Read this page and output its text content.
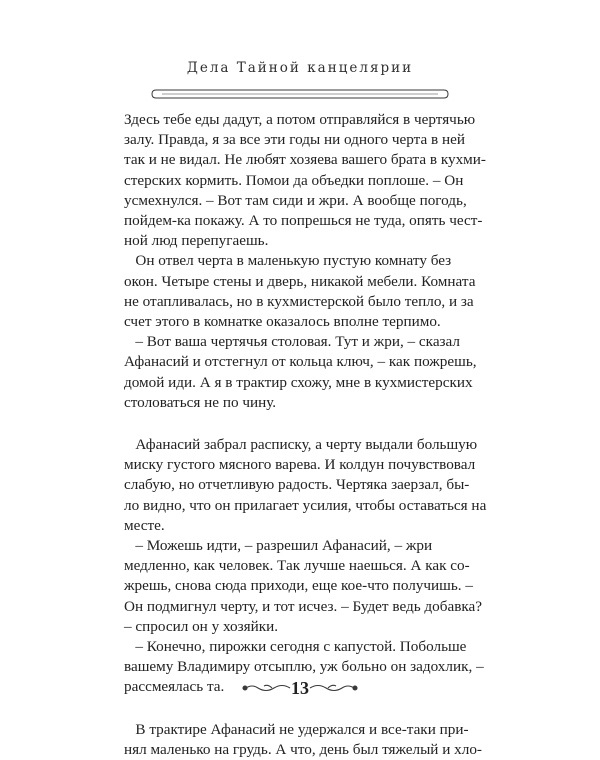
Дела Тайной канцелярии

Здесь тебе еды дадут, а потом отправляйся в чертячью

залу. Правда, я за все эти годы ни одного черта в ней

так и не видал. Не любят хозяева вашего брата в кухми-

стерских кормить. Помои да объедки поплоше. – Он

усмехнулся. – Вот там сиди и жри. А вообще погодь,

пойдем-ка покажу. А то попрешься не туда, опять чест-

ной люд перепугаешь.

Он отвел черта в маленькую пустую комнату без

окон. Четыре стены и дверь, никакой мебели. Комната

не отапливалась, но в кухмистерской было тепло, и за

счет этого в комнатке оказалось вполне терпимо.

– Вот ваша чертячья столовая. Тут и жри, – сказал

Афанасий и отстегнул от кольца ключ, – как пожрешь,

домой иди. А я в трактир схожу, мне в кухмистерских

столоваться не по чину.

Афанасий забрал расписку, а черту выдали большую

миску густого мясного варева. И колдун почувствовал

слабую, но отчетливую радость. Чертяка заерзал, бы-

ло видно, что он прилагает усилия, чтобы оставаться на

месте.

– Можешь идти, – разрешил Афанасий, – жри

медленно, как человек. Так лучше наешься. А как со-

жрешь, снова сюда приходи, еще кое-что получишь. –

Он подмигнул черту, и тот исчез. – Будет ведь добавка?

– спросил он у хозяйки.

– Конечно, пирожки сегодня с капустой. Побольше

вашему Владимиру отсыплю, уж больно он задохлик, –

рассмеялась та.

В трактире Афанасий не удержался и все-таки при-

нял маленько на грудь. А что, день был тяжелый и хло-

13
